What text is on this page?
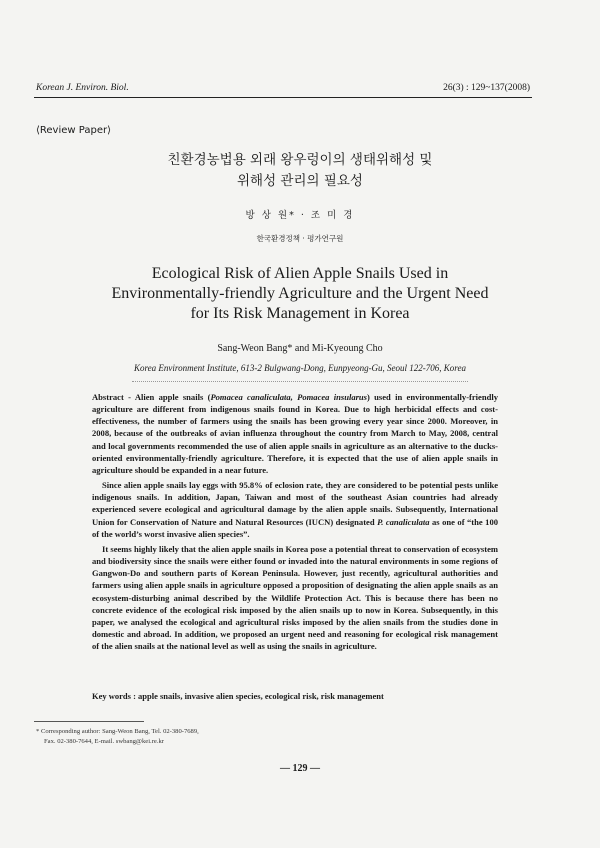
Korean J. Environ. Biol.	26(3) : 129~137(2008)
⟨Review Paper⟩
친환경농법용 외래 왕우렁이의 생태위해성 및
위해성 관리의 필요성
방 상 원* · 조 미 경
한국환경정책 · 평가연구원
Ecological Risk of Alien Apple Snails Used in
Environmentally-friendly Agriculture and the Urgent Need
for Its Risk Management in Korea
Sang-Weon Bang* and Mi-Kyeoung Cho
Korea Environment Institute, 613-2 Bulgwang-Dong, Eunpyeong-Gu, Seoul 122-706, Korea

Abstract - Alien apple snails (Pomacea canaliculata, Pomacea insularus) used in environmentally-friendly agriculture are different from indigenous snails found in Korea. Due to high herbicidal effects and cost-effectiveness, the number of farmers using the snails has been growing every year since 2000. Moreover, in 2008, because of the outbreaks of avian influenza throughout the country from March to May, 2008, central and local governments recommended the use of alien apple snails in agriculture as an alternative to the ducks-oriented environmentally-friendly agriculture. Therefore, it is expected that the use of alien apple snails in agriculture should be expanded in a near future.

Since alien apple snails lay eggs with 95.8% of eclosion rate, they are considered to be potential pests unlike indigenous snails. In addition, Japan, Taiwan and most of the southeast Asian countries had already experienced severe ecological and agricultural damage by the alien apple snails. Subsequently, International Union for Conservation of Nature and Natural Resources (IUCN) designated P. canaliculata as one of “the 100 of the world’s worst invasive alien species”.

It seems highly likely that the alien apple snails in Korea pose a potential threat to conservation of ecosystem and biodiversity since the snails were either found or invaded into the natural environments in some regions of Gangwon-Do and southern parts of Korean Peninsula. However, just recently, agricultural authorities and farmers using alien apple snails in agriculture opposed a proposition of designating the alien apple snails as an ecosystem-disturbing animal described by the Wildlife Protection Act. This is because there has been no concrete evidence of the ecological risk imposed by the alien snails up to now in Korea. Subsequently, in this paper, we analysed the ecological and agricultural risks imposed by the alien snails from the studies done in domestic and abroad. In addition, we proposed an urgent need and reasoning for ecological risk management of the alien snails at the national level as well as using the snails in agriculture.

Key words : apple snails, invasive alien species, ecological risk, risk management
* Corresponding author: Sang-Weon Bang, Tel. 02-380-7689,
Fax. 02-380-7644, E-mail. swbang@kei.re.kr
— 129 —
